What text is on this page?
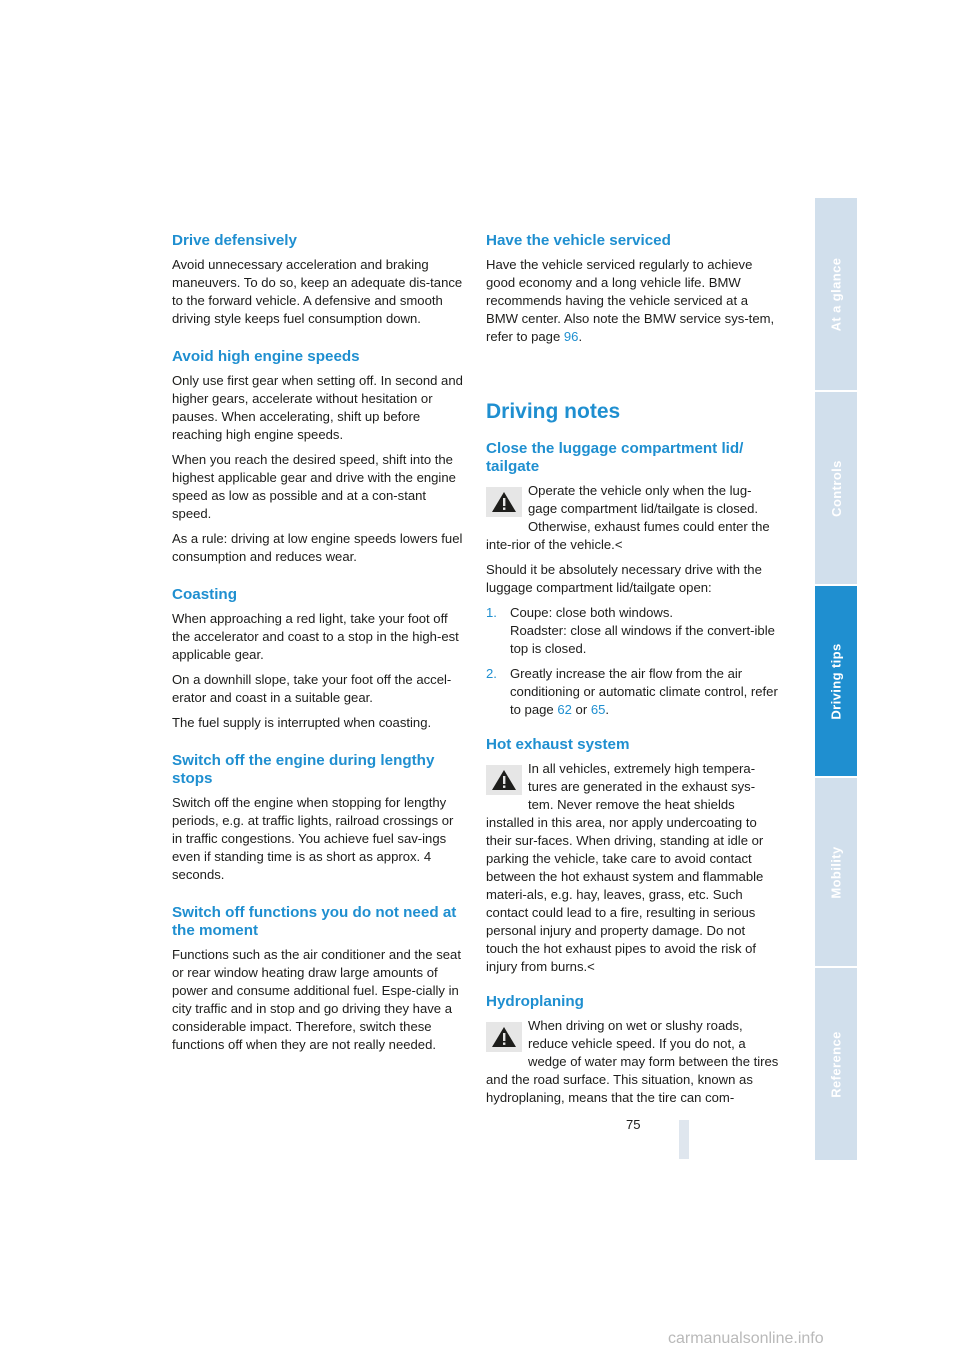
Drive defensively

Avoid unnecessary acceleration and braking maneuvers. To do so, keep an adequate dis-tance to the forward vehicle. A defensive and smooth driving style keeps fuel consumption down.

Avoid high engine speeds

Only use first gear when setting off. In second and higher gears, accelerate without hesitation or pauses. When accelerating, shift up before reaching high engine speeds.

When you reach the desired speed, shift into the highest applicable gear and drive with the engine speed as low as possible and at a con-stant speed.

As a rule: driving at low engine speeds lowers fuel consumption and reduces wear.

Coasting

When approaching a red light, take your foot off the accelerator and coast to a stop in the high-est applicable gear.

On a downhill slope, take your foot off the accel-erator and coast in a suitable gear.

The fuel supply is interrupted when coasting.

Switch off the engine during lengthy stops

Switch off the engine when stopping for lengthy periods, e.g. at traffic lights, railroad crossings or in traffic congestions. You achieve fuel sav-ings even if standing time is as short as approx. 4 seconds.

Switch off functions you do not need at the moment

Functions such as the air conditioner and the seat or rear window heating draw large amounts of power and consume additional fuel. Espe-cially in city traffic and in stop and go driving they have a considerable impact. Therefore, switch these functions off when they are not really needed.

Have the vehicle serviced

Have the vehicle serviced regularly to achieve good economy and a long vehicle life. BMW recommends having the vehicle serviced at a BMW center. Also note the BMW service sys-tem, refer to page 96.

Driving notes
Close the luggage compartment lid/ tailgate

Operate the vehicle only when the lug-gage compartment lid/tailgate is closed. Otherwise, exhaust fumes could enter the inte-rior of the vehicle.<

Should it be absolutely necessary drive with the luggage compartment lid/tailgate open:

1. Coupe: close both windows.
Roadster: close all windows if the convert-ible top is closed.
2. Greatly increase the air flow from the air conditioning or automatic climate control, refer to page 62 or 65.
Hot exhaust system

In all vehicles, extremely high tempera-tures are generated in the exhaust sys- tem. Never remove the heat shields installed in this area, nor apply undercoating to their sur-faces. When driving, standing at idle or parking the vehicle, take care to avoid contact between the hot exhaust system and flammable materi-als, e.g. hay, leaves, grass, etc. Such contact could lead to a fire, resulting in serious personal injury and property damage. Do not touch the hot exhaust pipes to avoid the risk of injury from burns.<

Hydroplaning

When driving on wet or slushy roads, reduce vehicle speed. If you do not, a wedge of water may form between the tires and the road surface. This situation, known as hydroplaning, means that the tire can com-

75
At a glance
Controls
Driving tips
Mobility
Reference
carmanualsonline.info
